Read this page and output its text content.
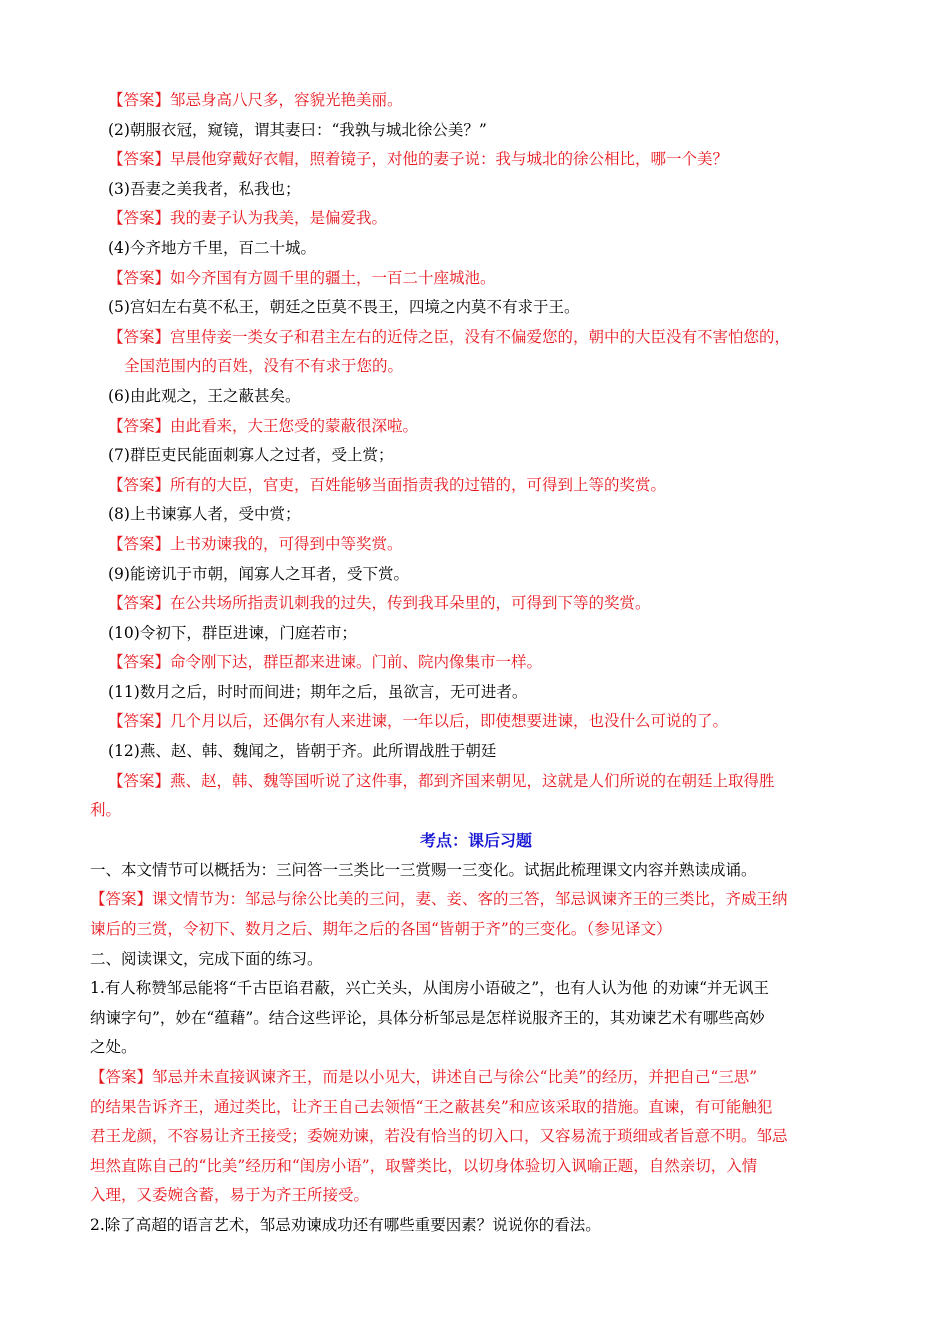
【答案】邹忌身高八尺多，容貌光艳美丽。
(2)朝服衣冠，窥镜，谓其妻曰：“我孰与城北徐公美？”
【答案】早晨他穿戴好衣帽，照着镜子，对他的妻子说：我与城北的徐公相比，哪一个美？
(3)吾妻之美我者，私我也；
【答案】我的妻子认为我美，是偏爱我。
(4)今齐地方千里，百二十城。
【答案】如今齐国有方圆千里的疆土，一百二十座城池。
(5)宫妇左右莫不私王，朝廷之臣莫不畏王，四境之内莫不有求于王。
【答案】宫里侍妾一类女子和君主左右的近侍之臣，没有不偏爱您的，朝中的大臣没有不害怕您的，
全国范围内的百姓，没有不有求于您的。
(6)由此观之，王之蔽甚矣。
【答案】由此看来，大王您受的蒙蔽很深啦。
(7)群臣吏民能面刺寡人之过者，受上赏；
【答案】所有的大臣，官吏，百姓能够当面指责我的过错的，可得到上等的奖赏。
(8)上书谏寡人者，受中赏；
【答案】上书劝谏我的，可得到中等奖赏。
(9)能谤讥于市朝，闻寡人之耳者，受下赏。
【答案】在公共场所指责讥刺我的过失，传到我耳朵里的，可得到下等的奖赏。
(10)令初下，群臣进谏，门庭若市；
【答案】命令刚下达，群臣都来进谏。门前、院内像集市一样。
(11)数月之后，时时而间进；期年之后，虽欲言，无可进者。
【答案】几个月以后，还偶尔有人来进谏，一年以后，即使想要进谏，也没什么可说的了。
(12)燕、赵、韩、魏闻之，皆朝于齐。此所谓战胜于朝廷
【答案】燕、赵，韩、魏等国听说了这件事，都到齐国来朝见，这就是人们所说的在朝廷上取得胜
利。
考点：课后习题
一、本文情节可以概括为：三问答一三类比一三赏赐一三变化。试据此梳理课文内容并熟读成诵。
【答案】课文情节为：邹忌与徐公比美的三问，妻、妾、客的三答，邹忌讽谏齐王的三类比，齐威王纳
谏后的三赏，令初下、数月之后、期年之后的各国“皆朝于齐”的三变化。（参见译文）
二、阅读课文，完成下面的练习。
1.有人称赞邹忌能将“千古臣谄君蔽，兴亡关头，从闺房小语破之”，也有人认为他 的劝谏“并无讽王
纳谏字句”，妙在“蕴藉”。结合这些评论，具体分析邹忌是怎样说服齐王的，其劝谏艺术有哪些高妙
之处。
【答案】邹忌并未直接讽谏齐王，而是以小见大，讲述自己与徐公“比美”的经历，并把自己“三思”
的结果告诉齐王，通过类比，让齐王自己去领悟“王之蔽甚矣”和应该采取的措施。直谏，有可能触犯
君王龙颜，不容易让齐王接受；委婉劝谏，若没有恰当的切入口，又容易流于琐细或者旨意不明。邹忌
坦然直陈自己的“比美”经历和“闺房小语”，取譬类比，以切身体验切入讽喻正题，自然亲切，入情
入理，又委婉含蓄，易于为齐王所接受。
2.除了高超的语言艺术，邹忌劝谏成功还有哪些重要因素？说说你的看法。
